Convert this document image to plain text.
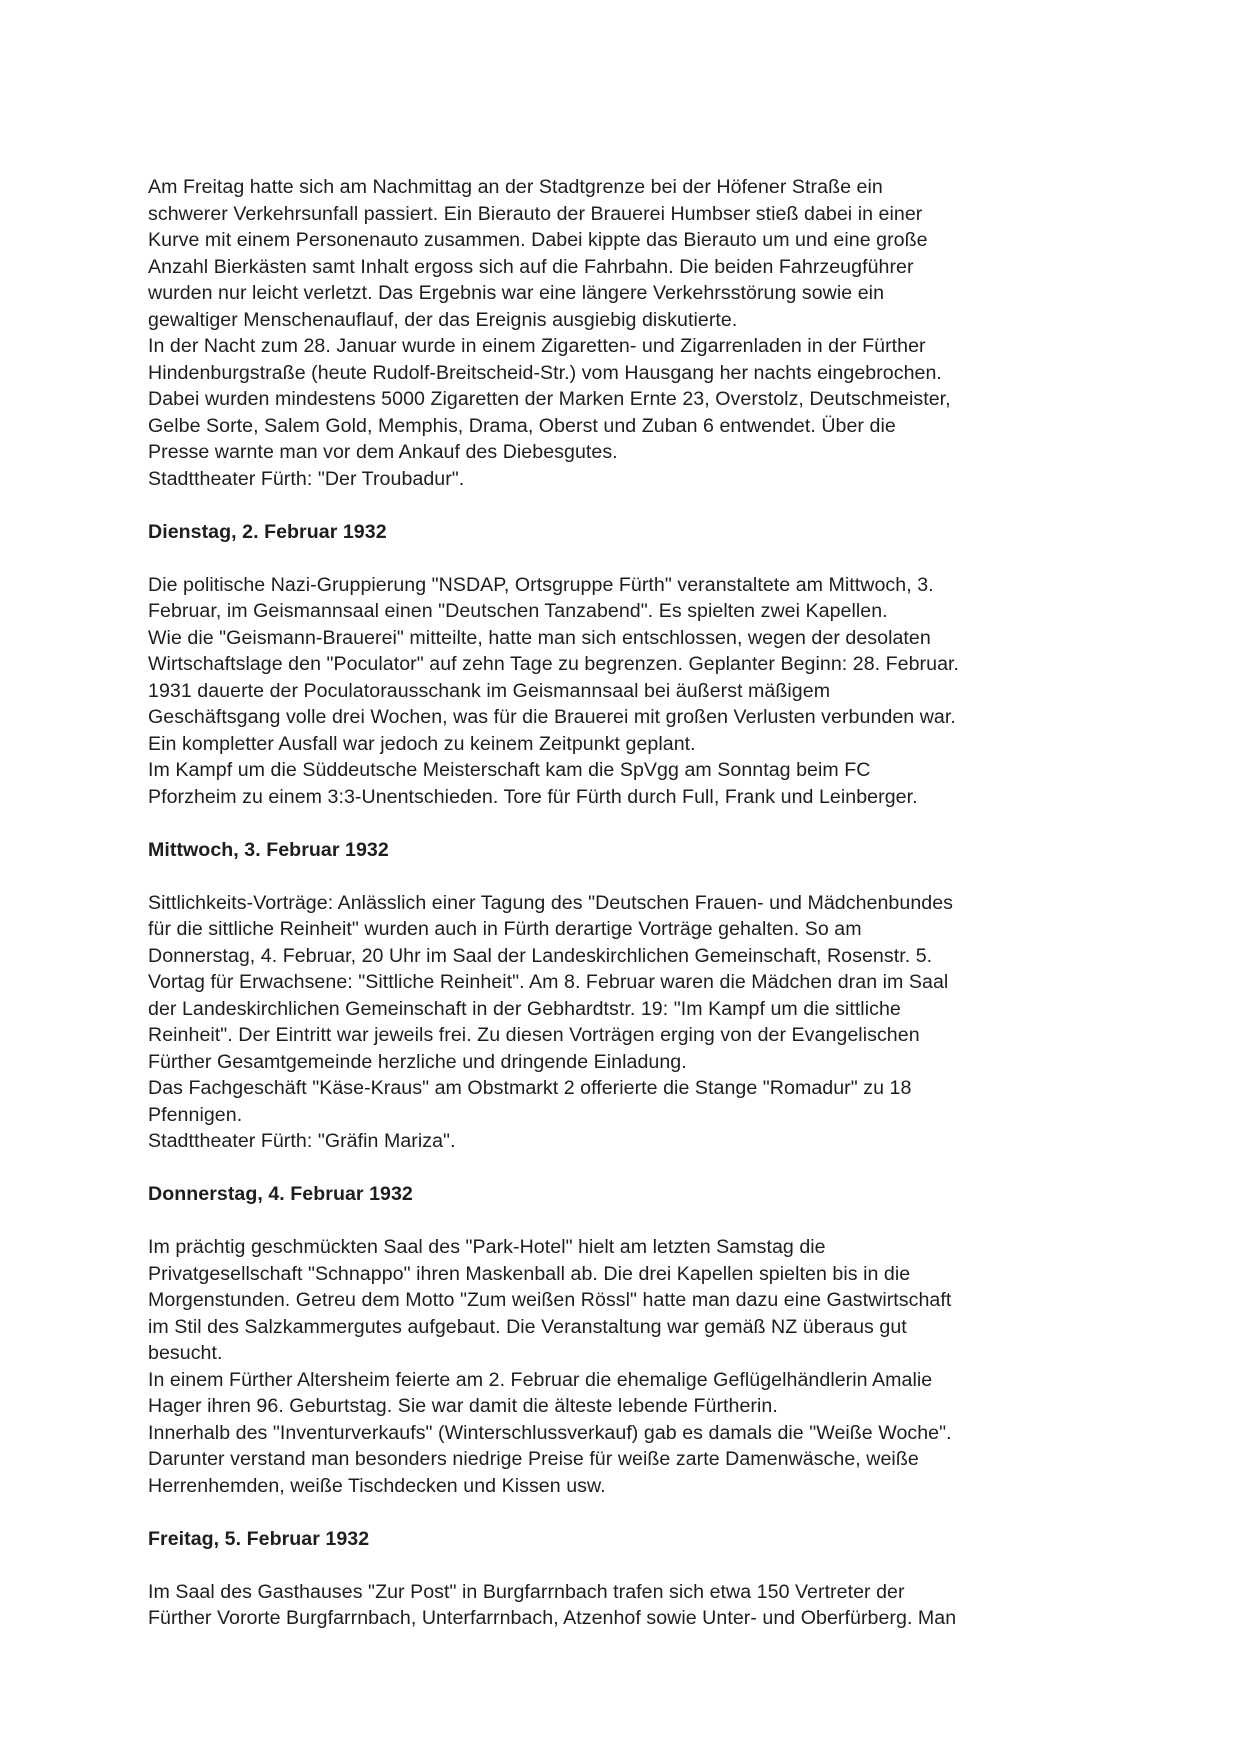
Am Freitag hatte sich am Nachmittag an der Stadtgrenze bei der Höfener Straße ein
schwerer Verkehrsunfall passiert. Ein Bierauto der Brauerei Humbser stieß dabei in einer
Kurve mit einem Personenauto zusammen. Dabei kippte das Bierauto um und eine große
Anzahl Bierkästen samt Inhalt ergoss sich auf die Fahrbahn. Die beiden Fahrzeugführer
wurden nur leicht verletzt. Das Ergebnis war eine längere Verkehrsstörung sowie ein
gewaltiger Menschenauflauf, der das Ereignis ausgiebig diskutierte.
In der Nacht zum 28. Januar wurde in einem Zigaretten- und Zigarrenladen in der Fürther
Hindenburgstraße (heute Rudolf-Breitscheid-Str.) vom Hausgang her nachts eingebrochen.
Dabei wurden mindestens 5000 Zigaretten der Marken Ernte 23, Overstolz, Deutschmeister,
Gelbe Sorte, Salem Gold, Memphis, Drama, Oberst und Zuban 6 entwendet. Über die
Presse warnte man vor dem Ankauf des Diebesgutes.
Stadttheater Fürth: "Der Troubadur".
Dienstag, 2. Februar 1932
Die politische Nazi-Gruppierung "NSDAP, Ortsgruppe Fürth" veranstaltete am Mittwoch, 3.
Februar, im Geismannsaal einen "Deutschen Tanzabend". Es spielten zwei Kapellen.
Wie die "Geismann-Brauerei" mitteilte, hatte man sich entschlossen, wegen der desolaten
Wirtschaftslage den "Poculator" auf zehn Tage zu begrenzen. Geplanter Beginn: 28. Februar.
1931 dauerte der Poculatorausschank im Geismannsaal bei äußerst mäßigem
Geschäftsgang volle drei Wochen, was für die Brauerei mit großen Verlusten verbunden war.
Ein kompletter Ausfall war jedoch zu keinem Zeitpunkt geplant.
Im Kampf um die Süddeutsche Meisterschaft kam die SpVgg am Sonntag beim FC
Pforzheim zu einem 3:3-Unentschieden. Tore für Fürth durch Full, Frank und Leinberger.
Mittwoch, 3. Februar 1932
Sittlichkeits-Vorträge: Anlässlich einer Tagung des "Deutschen Frauen- und Mädchenbundes
für die sittliche Reinheit" wurden auch in Fürth derartige Vorträge gehalten. So am
Donnerstag, 4. Februar, 20 Uhr im Saal der Landeskirchlichen Gemeinschaft, Rosenstr. 5.
Vortag für Erwachsene: "Sittliche Reinheit". Am 8. Februar waren die Mädchen dran im Saal
der Landeskirchlichen Gemeinschaft in der Gebhardtstr. 19: "Im Kampf um die sittliche
Reinheit". Der Eintritt war jeweils frei. Zu diesen Vorträgen erging von der Evangelischen
Fürther Gesamtgemeinde herzliche und dringende Einladung.
Das Fachgeschäft "Käse-Kraus" am Obstmarkt 2 offerierte die Stange "Romadur" zu 18
Pfennigen.
Stadttheater Fürth: "Gräfin Mariza".
Donnerstag, 4. Februar 1932
Im prächtig geschmückten Saal des "Park-Hotel" hielt am letzten Samstag die
Privatgesellschaft "Schnappo" ihren Maskenball ab. Die drei Kapellen spielten bis in die
Morgenstunden. Getreu dem Motto "Zum weißen Rössl" hatte man dazu eine Gastwirtschaft
im Stil des Salzkammergutes aufgebaut. Die Veranstaltung war gemäß NZ überaus gut
besucht.
In einem Fürther Altersheim feierte am 2. Februar die ehemalige Geflügelhändlerin Amalie
Hager ihren 96. Geburtstag. Sie war damit die älteste lebende Fürtherin.
Innerhalb des "Inventurverkaufs" (Winterschlussverkauf) gab es damals die "Weiße Woche".
Darunter verstand man besonders niedrige Preise für weiße zarte Damenwäsche, weiße
Herrenhemden, weiße Tischdecken und Kissen usw.
Freitag, 5. Februar 1932
Im Saal des Gasthauses "Zur Post" in Burgfarrnbach trafen sich etwa 150 Vertreter der
Fürther Vororte Burgfarrnbach, Unterfarrnbach, Atzenhof sowie Unter- und Oberfürberg. Man
